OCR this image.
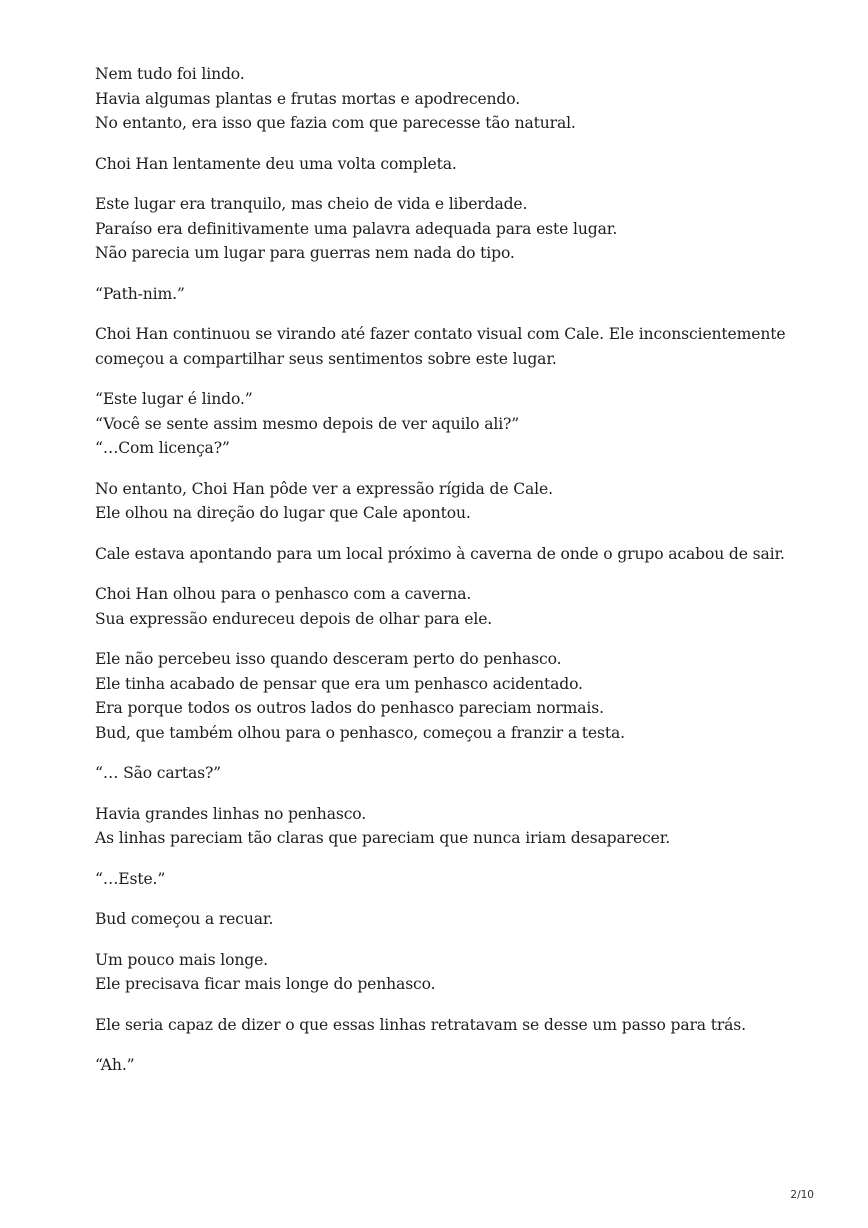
Nem tudo foi lindo.
Havia algumas plantas e frutas mortas e apodrecendo.
No entanto, era isso que fazia com que parecesse tão natural.
Choi Han lentamente deu uma volta completa.
Este lugar era tranquilo, mas cheio de vida e liberdade.
Paraíso era definitivamente uma palavra adequada para este lugar.
Não parecia um lugar para guerras nem nada do tipo.
“Path-nim.”
Choi Han continuou se virando até fazer contato visual com Cale. Ele inconscientemente
começou a compartilhar seus sentimentos sobre este lugar.
“Este lugar é lindo.”
“Você se sente assim mesmo depois de ver aquilo ali?”
“…Com licença?”
No entanto, Choi Han pôde ver a expressão rígida de Cale.
Ele olhou na direção do lugar que Cale apontou.
Cale estava apontando para um local próximo à caverna de onde o grupo acabou de sair.
Choi Han olhou para o penhasco com a caverna.
Sua expressão endureceu depois de olhar para ele.
Ele não percebeu isso quando desceram perto do penhasco.
Ele tinha acabado de pensar que era um penhasco acidentado.
Era porque todos os outros lados do penhasco pareciam normais.
Bud, que também olhou para o penhasco, começou a franzir a testa.
“… São cartas?”
Havia grandes linhas no penhasco.
As linhas pareciam tão claras que pareciam que nunca iriam desaparecer.
“…Este.”
Bud começou a recuar.
Um pouco mais longe.
Ele precisava ficar mais longe do penhasco.
Ele seria capaz de dizer o que essas linhas retratavam se desse um passo para trás.
“Ah.”
2/10
